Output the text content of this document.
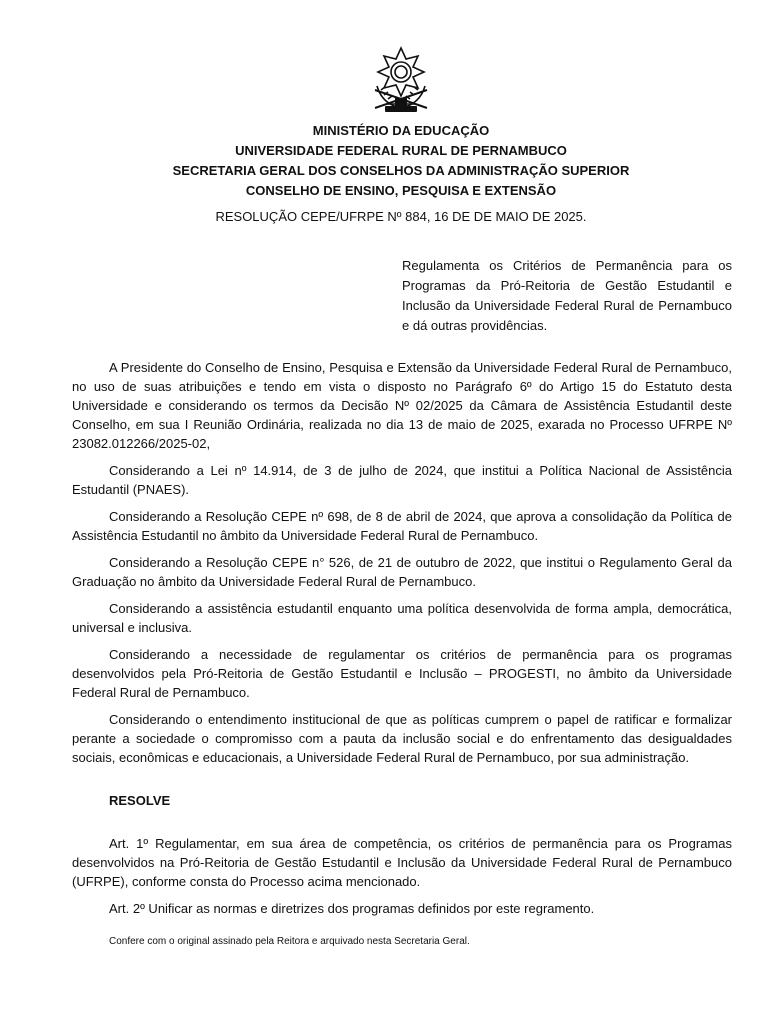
MINISTÉRIO DA EDUCAÇÃO
UNIVERSIDADE FEDERAL RURAL DE PERNAMBUCO
SECRETARIA GERAL DOS CONSELHOS DA ADMINISTRAÇÃO SUPERIOR
CONSELHO DE ENSINO, PESQUISA E EXTENSÃO
RESOLUÇÃO CEPE/UFRPE Nº 884, 16 DE DE MAIO DE 2025.
Regulamenta os Critérios de Permanência para os Programas da Pró-Reitoria de Gestão Estudantil e Inclusão da Universidade Federal Rural de Pernambuco e dá outras providências.

A Presidente do Conselho de Ensino, Pesquisa e Extensão da Universidade Federal Rural de Pernambuco, no uso de suas atribuições e tendo em vista o disposto no Parágrafo 6º do Artigo 15 do Estatuto desta Universidade e considerando os termos da Decisão Nº 02/2025 da Câmara de Assistência Estudantil deste Conselho, em sua I Reunião Ordinária, realizada no dia 13 de maio de 2025, exarada no Processo UFRPE Nº 23082.012266/2025-02,

Considerando a Lei nº 14.914, de 3 de julho de 2024, que institui a Política Nacional de Assistência Estudantil (PNAES).

Considerando a Resolução CEPE nº 698, de 8 de abril de 2024, que aprova a consolidação da Política de Assistência Estudantil no âmbito da Universidade Federal Rural de Pernambuco.

Considerando a Resolução CEPE n° 526, de 21 de outubro de 2022, que institui o Regulamento Geral da Graduação no âmbito da Universidade Federal Rural de Pernambuco.

Considerando a assistência estudantil enquanto uma política desenvolvida de forma ampla, democrática, universal e inclusiva.

Considerando a necessidade de regulamentar os critérios de permanência para os programas desenvolvidos pela Pró-Reitoria de Gestão Estudantil e Inclusão – PROGESTI, no âmbito da Universidade Federal Rural de Pernambuco.

Considerando o entendimento institucional de que as políticas cumprem o papel de ratificar e formalizar perante a sociedade o compromisso com a pauta da inclusão social e do enfrentamento das desigualdades sociais, econômicas e educacionais, a Universidade Federal Rural de Pernambuco, por sua administração.

RESOLVE

Art. 1º Regulamentar, em sua área de competência, os critérios de permanência para os Programas desenvolvidos na Pró-Reitoria de Gestão Estudantil e Inclusão da Universidade Federal Rural de Pernambuco (UFRPE), conforme consta do Processo acima mencionado.

Art. 2º Unificar as normas e diretrizes dos programas definidos por este regramento.

Confere com o original assinado pela Reitora e arquivado nesta Secretaria Geral.
